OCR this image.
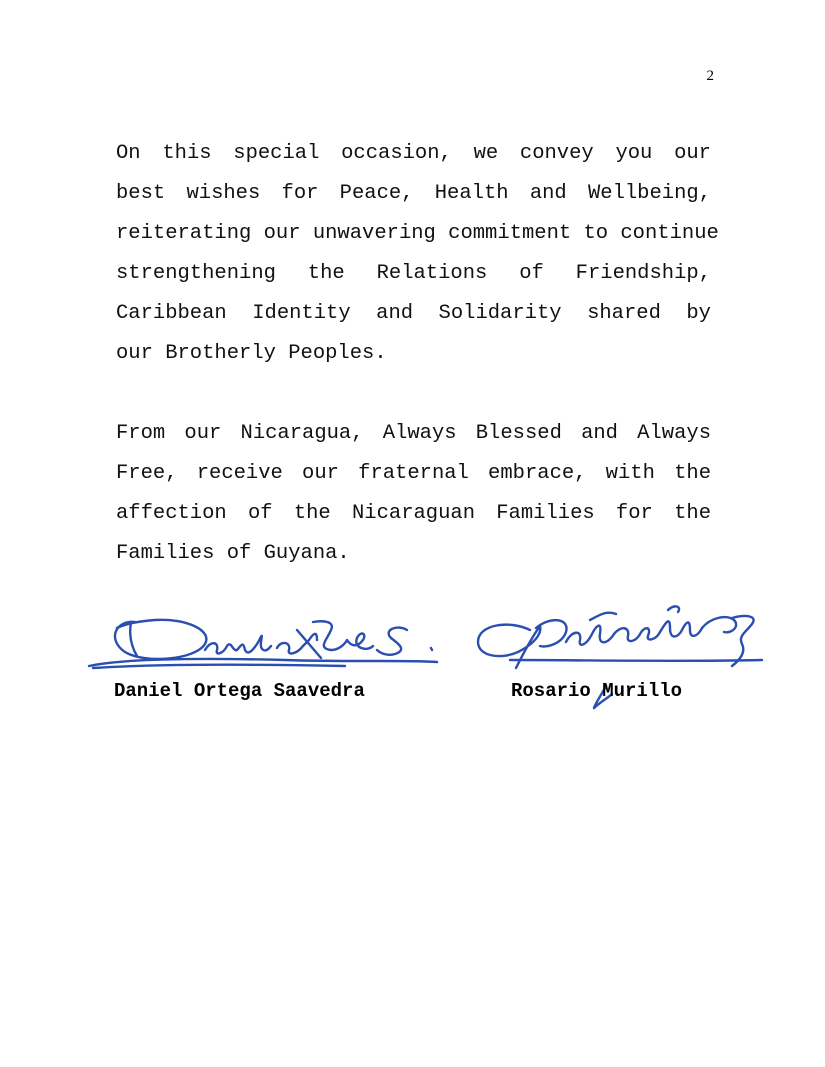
2
On this special occasion, we convey you our
best wishes for Peace, Health and Wellbeing,
reiterating our unwavering commitment to continue
strengthening the Relations of Friendship,
Caribbean Identity and Solidarity shared by
our Brotherly Peoples.
From our Nicaragua, Always Blessed and Always
Free, receive our fraternal embrace, with the
affection of the Nicaraguan Families for the
Families of Guyana.
Daniel Ortega Saavedra	Rosario Murillo
